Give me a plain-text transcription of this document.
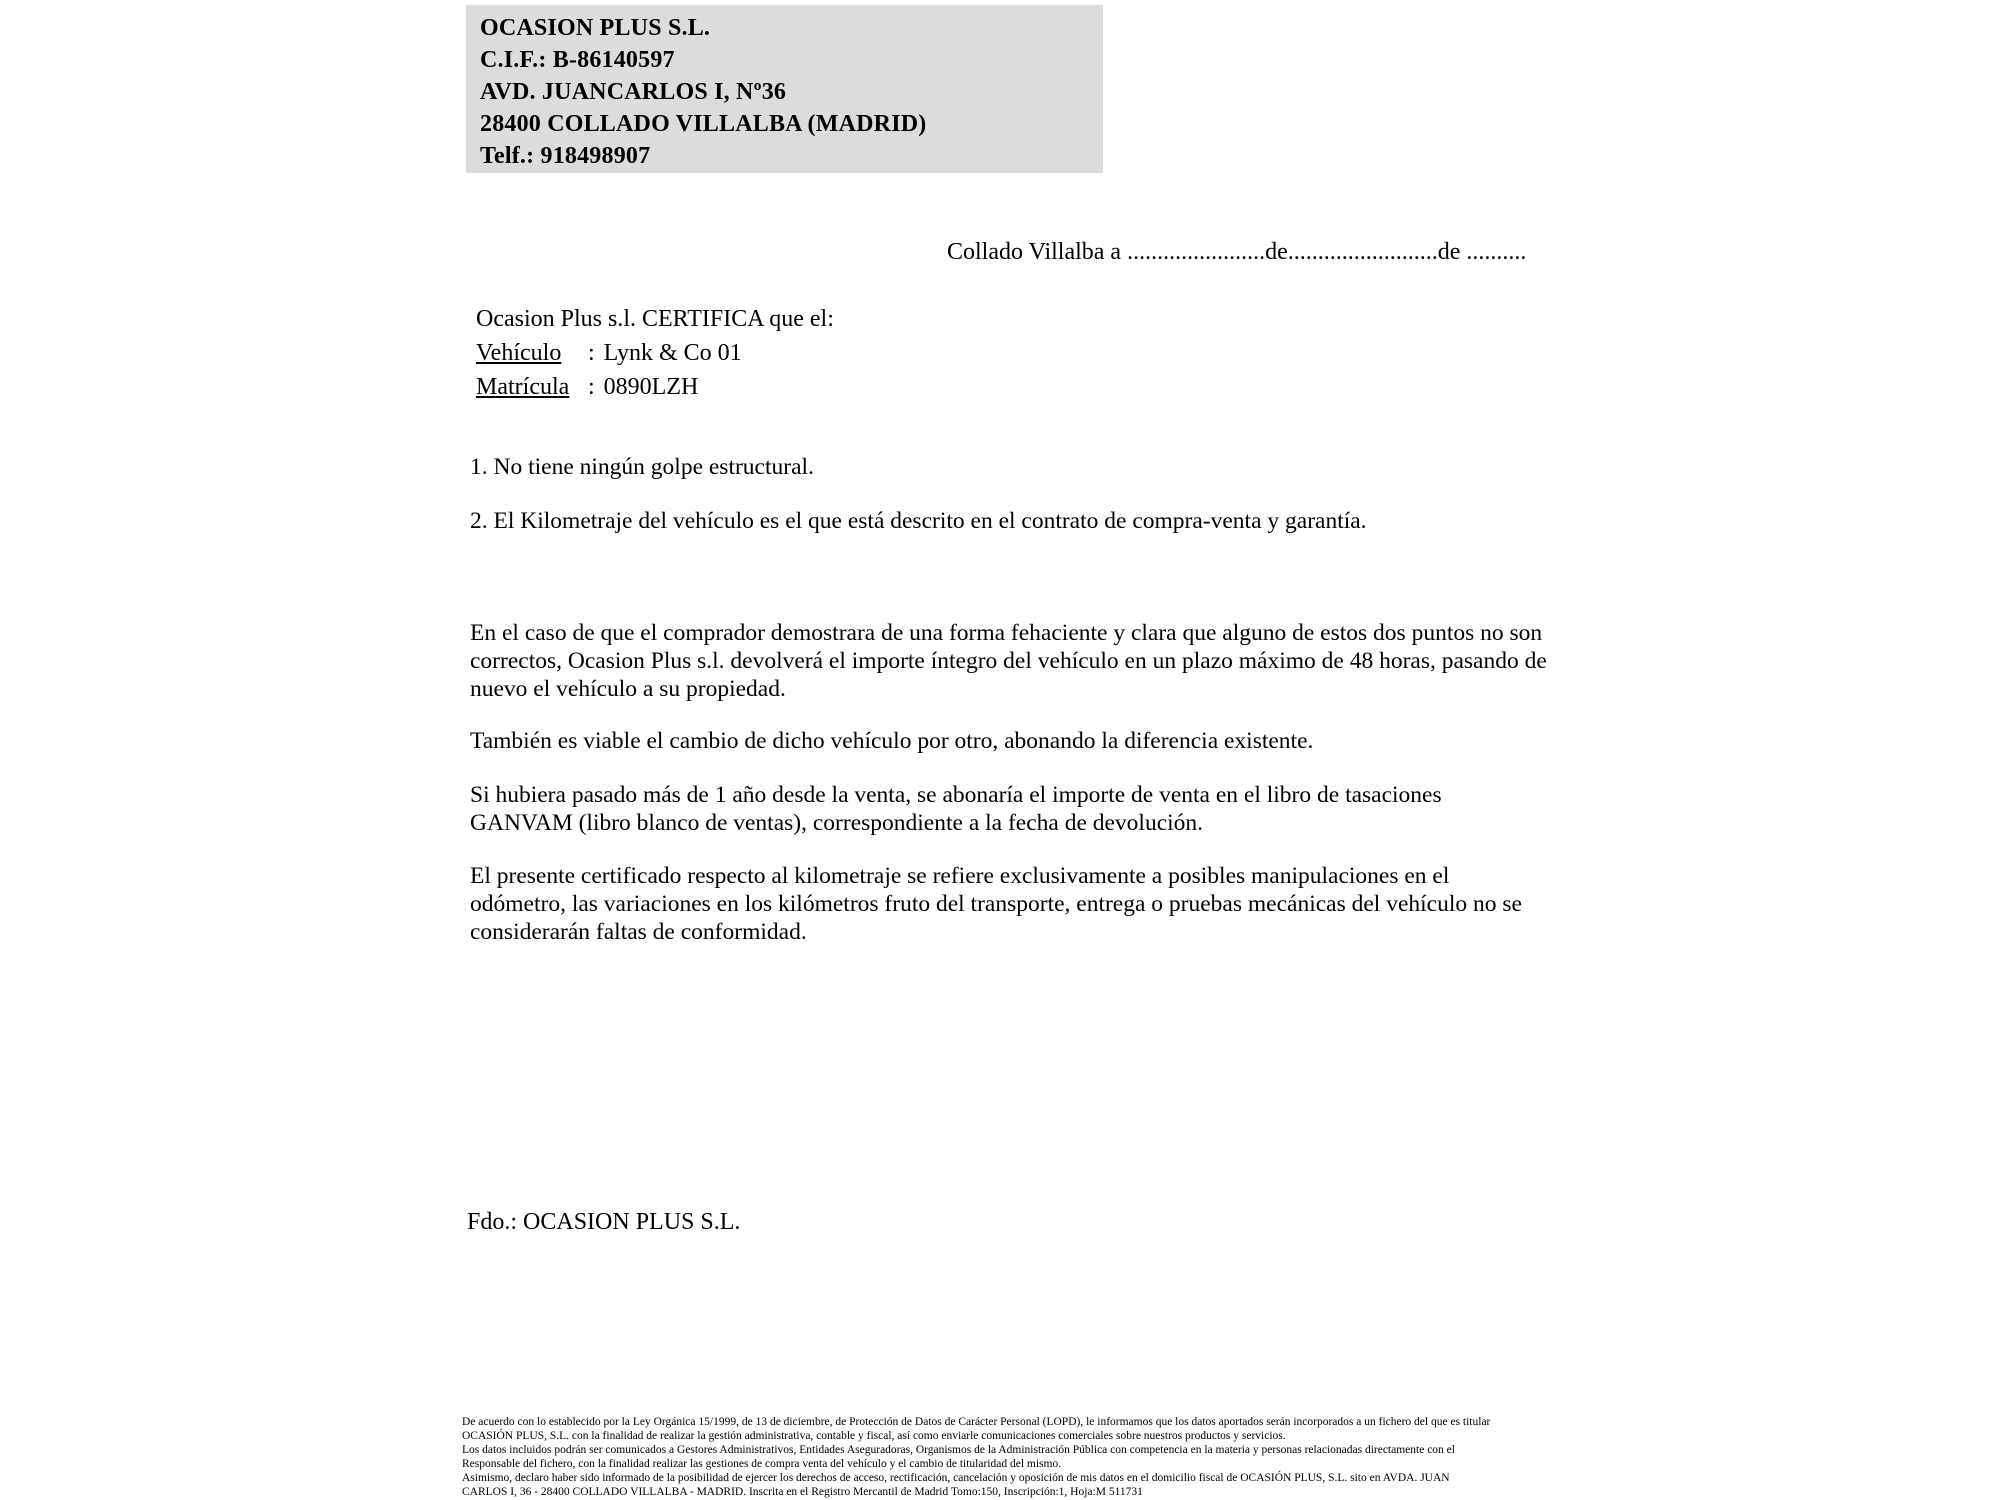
OCASION PLUS S.L.
C.I.F.: B-86140597
AVD. JUANCARLOS I, Nº36
28400 COLLADO VILLALBA (MADRID)
Telf.: 918498907
Collado Villalba a .......................de.........................de ..........
Ocasion Plus s.l. CERTIFICA que el:
Vehículo : Lynk & Co 01
Matrícula : 0890LZH
1. No tiene ningún golpe estructural.
2. El Kilometraje del vehículo es el que está descrito en el contrato de compra-venta y garantía.
En el caso de que el comprador demostrara de una forma fehaciente y clara que alguno de estos dos puntos no son correctos, Ocasion Plus s.l. devolverá el importe íntegro del vehículo en un plazo máximo de 48 horas, pasando de nuevo el vehículo a su propiedad.
También es viable el cambio de dicho vehículo por otro, abonando la diferencia existente.
Si hubiera pasado más de 1 año desde la venta, se abonaría el importe de venta en el libro de tasaciones GANVAM (libro blanco de ventas), correspondiente a la fecha de devolución.
El presente certificado respecto al kilometraje se refiere exclusivamente a posibles manipulaciones en el odómetro, las variaciones en los kilómetros fruto del transporte, entrega o pruebas mecánicas del vehículo no se considerarán faltas de conformidad.
Fdo.: OCASION PLUS S.L.
De acuerdo con lo establecido por la Ley Orgánica 15/1999, de 13 de diciembre, de Protección de Datos de Carácter Personal (LOPD), le informamos que los datos aportados serán incorporados a un fichero del que es titular
OCASIÓN PLUS, S.L. con la finalidad de realizar la gestión administrativa, contable y fiscal, así como enviarle comunicaciones comerciales sobre nuestros productos y servicios.
Los datos incluidos podrán ser comunicados a Gestores Administrativos, Entidades Aseguradoras, Organismos de la Administración Pública con competencia en la materia y personas relacionadas directamente con el
Responsable del fichero, con la finalidad realizar las gestiones de compra venta del vehículo y el cambio de titularidad del mismo.
Asimismo, declaro haber sido informado de la posibilidad de ejercer los derechos de acceso, rectificación, cancelación y oposición de mis datos en el domicilio fiscal de OCASIÓN PLUS, S.L. sito en AVDA. JUAN
CARLOS I, 36 - 28400 COLLADO VILLALBA - MADRID. Inscrita en el Registro Mercantil de Madrid Tomo:150, Inscripción:1, Hoja:M 511731
